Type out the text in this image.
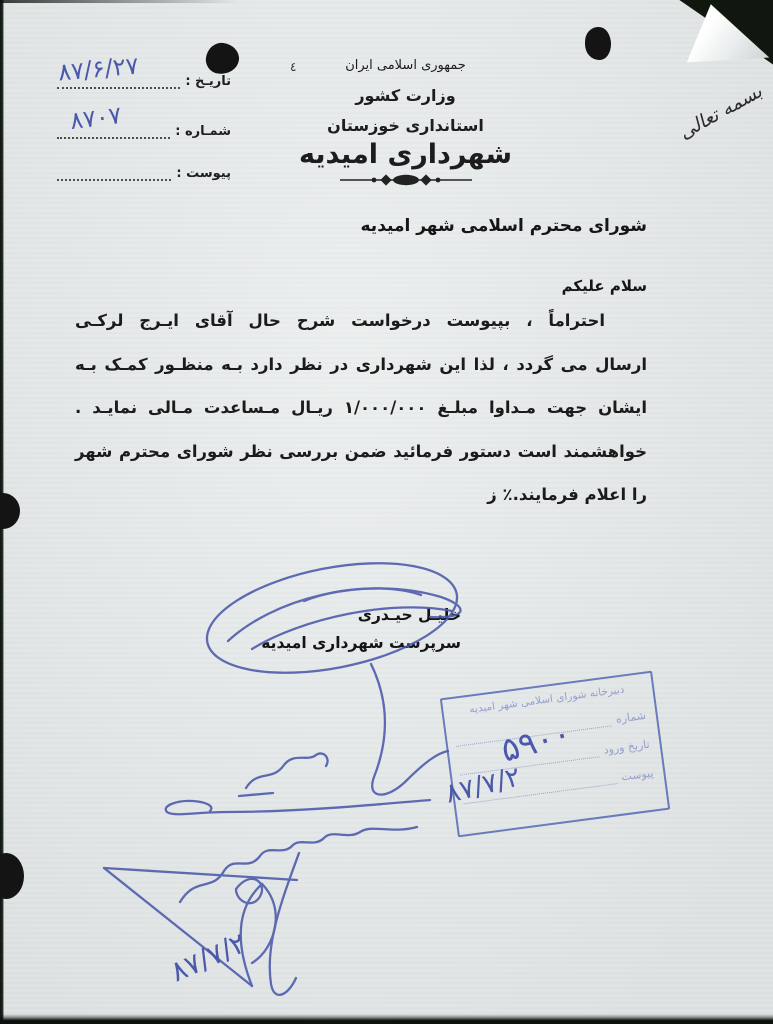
٤	جمهوری اسلامی ایران
وزارت کشور
استانداری خوزستان
شهرداری امیدیه
بسمه تعالی
تاریـخ :
شمـاره :
پیوست :
۸۷/۶/۲۷
۸۷۰۷
شورای محترم اسلامی شهر امیدیه
سلام علیکم
احتراماً ، بپیوست درخواست شرح حال آقای ایـرج لرکـی
ارسال می گردد ، لذا این شهرداری در نظر دارد بـه منظـور کمـک بـه
ایشان جهت مـداوا مبلـغ ۱/۰۰۰/۰۰۰ ریـال مـساعدت مـالی نمایـد .
خواهشمند است دستور فرمائید ضمن بررسی نظر شورای محترم شهر
را اعلام فرمایند.٪ ز
خلیـل حیـدری
سرپرست شهرداری امیدیه
دبیرخانه شورای اسلامی شهر امیدیه
شماره
تاریخ ورود
پیوست
۵۹۰۰
۸۷/۷/۲
۸۷/۷/۲
